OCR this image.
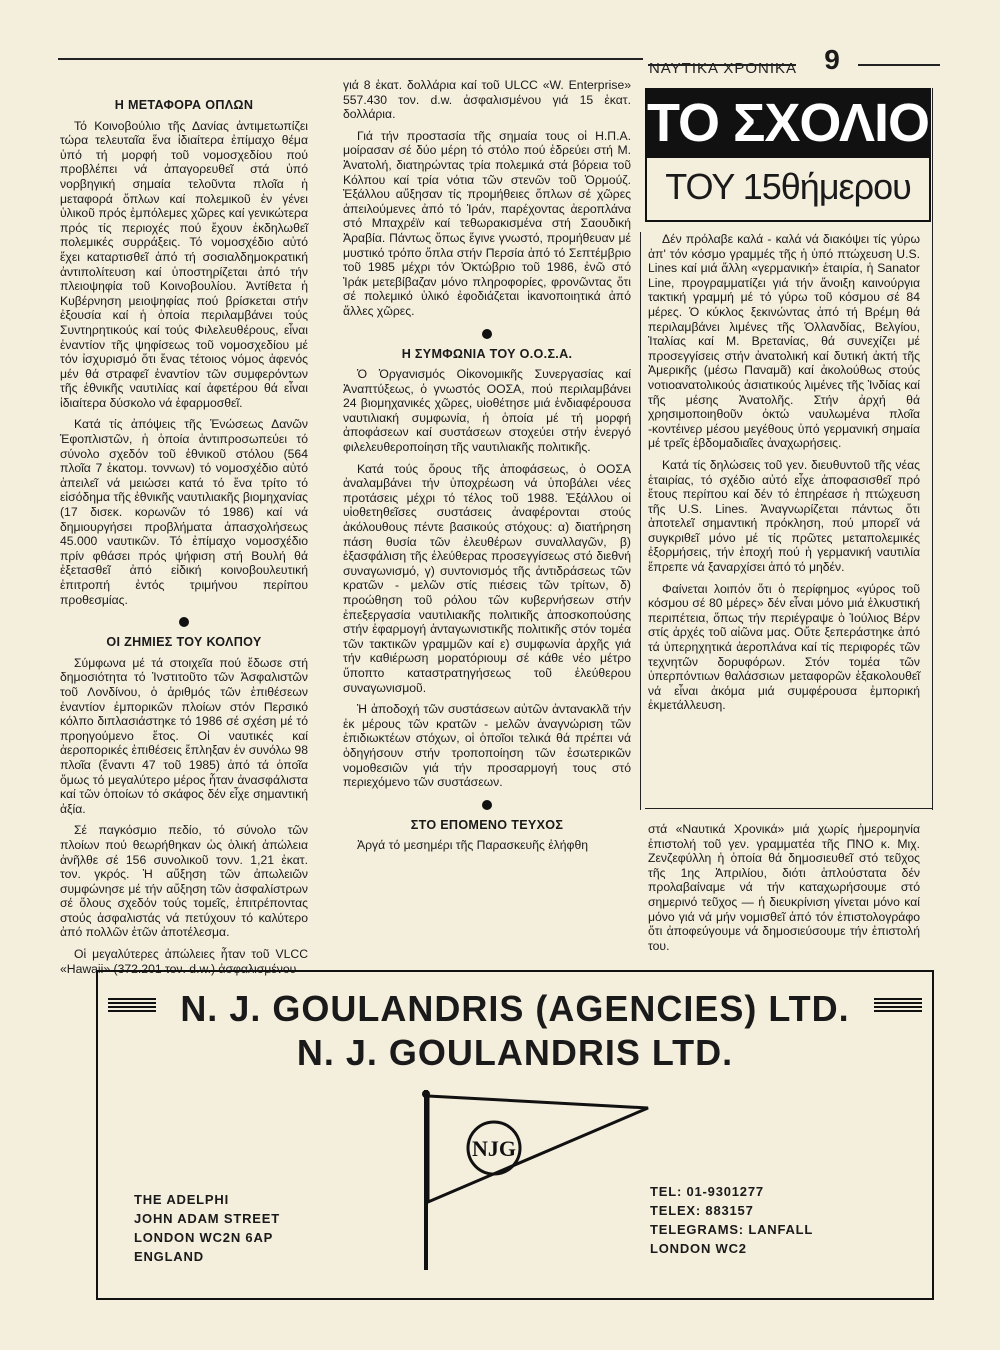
ΝΑΥΤΙΚΑ ΧΡΟΝΙΚΑ 9
Η ΜΕΤΑΦΟΡΑ ΟΠΛΩΝ

Τό Κοινοβούλιο τῆς Δανίας ἀντιμετωπίζει τώρα τελευταῖα ἕνα ἰδιαίτερα ἐπίμαχο θέμα ὑπό τή μορφή τοῦ νομοσχεδίου πού προβλέπει νά ἀπαγορευθεῖ στά ὑπό νορβηγική σημαία τελοῦντα πλοῖα ἡ μεταφορά ὅπλων καί πολεμικοῦ ἐν γένει ὑλικοῦ πρός ἐμπόλεμες χῶρες καί γενικώτερα πρός τίς περιοχές πού ἔχουν ἐκδηλωθεῖ πολεμικές συρράξεις. Τό νομοσχέδιο αὐτό ἔχει καταρτισθεῖ ἀπό τή σοσιαλδημοκρατική ἀντιπολίτευση καί ὑποστηρίζεται ἀπό τήν πλειοψηφία τοῦ Κοινοβουλίου. Ἀντίθετα ἡ Κυβέρνηση μειοψηφίας πού βρίσκεται στήν ἐξουσία καί ἡ ὁποία περιλαμβάνει τούς Συντηρητικούς καί τούς Φιλελευθέρους, εἶναι ἐναντίον τῆς ψηφίσεως τοῦ νομοσχεδίου μέ τόν ἰσχυρισμό ὅτι ἕνας τέτοιος νόμος ἀφενός μέν θά στραφεῖ ἐναντίον τῶν συμφερόντων τῆς ἐθνικῆς ναυτιλίας καί ἀφετέρου θά εἶναι ἰδιαίτερα δύσκολο νά ἐφαρμοσθεῖ.

Κατά τίς ἀπόψεις τῆς Ἑνώσεως Δανῶν Ἐφοπλιστῶν, ἡ ὁποία ἀντιπροσωπεύει τό σύνολο σχεδόν τοῦ ἐθνικοῦ στόλου (564 πλοῖα 7 ἑκατομ. τοννων) τό νομοσχέδιο αὐτό ἀπειλεῖ νά μειώσει κατά τό ἕνα τρίτο τό εἰσόδημα τῆς ἐθνικῆς ναυτιλιακῆς βιομηχανίας (17 δισεκ. κορωνῶν τό 1986) καί νά δημιουργήσει προβλήματα ἀπασχολήσεως 45.000 ναυτικῶν. Τό ἐπίμαχο νομοσχέδιο πρίν φθάσει πρός ψήφιση στή Βουλή θά ἐξετασθεῖ ἀπό εἰδική κοινοβουλευτική ἐπιτροπή ἐντός τριμήνου περίπου προθεσμίας.

ΟΙ ΖΗΜΙΕΣ ΤΟΥ ΚΟΛΠΟΥ

Σύμφωνα μέ τά στοιχεῖα πού ἔδωσε στή δημοσιότητα τό Ἰνστιτοῦτο τῶν Ἀσφαλιστῶν τοῦ Λονδίνου, ὁ ἀριθμός τῶν ἐπιθέσεων ἐναντίον ἐμπορικῶν πλοίων στόν Περσικό κόλπο διπλασιάστηκε τό 1986 σέ σχέση μέ τό προηγούμενο ἔτος. Οἱ ναυτικές καί ἀεροπορικές ἐπιθέσεις ἔπληξαν ἐν συνόλω 98 πλοῖα (ἔναντι 47 τοῦ 1985) ἀπό τά ὁποῖα ὅμως τό μεγαλύτερο μέρος ἦταν ἀνασφάλιστα καί τῶν ὁποίων τό σκάφος δέν εἶχε σημαντική ἀξία.

Σέ παγκόσμιο πεδίο, τό σύνολο τῶν πλοίων πού θεωρήθηκαν ὡς ὁλική ἀπώλεια ἀνῆλθε σέ 156 συνολικοῦ τονν. 1,21 ἑκατ. τον. γκρός. Ἡ αὔξηση τῶν ἀπωλειῶν συμφώνησε μέ τήν αὔξηση τῶν ἀσφαλίστρων σέ ὅλους σχεδόν τούς τομεῖς, ἐπιτρέποντας στούς ἀσφαλιστάς νά πετύχουν τό καλύτερο ἀπό πολλῶν ἐτῶν ἀποτέλεσμα.

Οἱ μεγαλύτερες ἀπώλειες ἦταν τοῦ VLCC «Hawaii» (372.201 τον. d.w.) ἀσφαλισμένου

γιά 8 ἑκατ. δολλάρια καί τοῦ ULCC «W. Enterprise» 557.430 τον. d.w. ἀσφαλισμένου γιά 15 ἑκατ. δολλάρια.

Γιά τήν προστασία τῆς σημαία τους οἱ Η.Π.Α. μοίρασαν σέ δύο μέρη τό στόλο πού ἑδρεύει στή Μ. Ἀνατολή, διατηρώντας τρία πολεμικά στά βόρεια τοῦ Κόλπου καί τρία νότια τῶν στενῶν τοῦ Ὁρμούζ. Ἐξάλλου αὔξησαν τίς προμήθειες ὅπλων σέ χῶρες ἀπειλούμενες ἀπό τό Ἰράν, παρέχοντας ἀεροπλάνα στό Μπαχρέϊν καί τεθωρακισμένα στή Σαουδική Ἀραβία. Πάντως ὅπως ἔγινε γνωστό, προμήθευαν μέ μυστικό τρόπο ὅπλα στήν Περσία ἀπό τό Σεπτέμβριο τοῦ 1985 μέχρι τόν Ὀκτώβριο τοῦ 1986, ἐνῶ στό Ἰράκ μετεβίβαζαν μόνο πληροφορίες, φρονῶντας ὅτι σέ πολεμικό ὑλικό ἐφοδιάζεται ἱκανοποιητικά ἀπό ἄλλες χῶρες.

Η ΣΥΜΦΩΝΙΑ ΤΟΥ Ο.Ο.Σ.Α.

Ὁ Ὀργανισμός Οἰκονομικῆς Συνεργασίας καί Ἀναπτύξεως, ὁ γνωστός ΟΟΣΑ, πού περιλαμβάνει 24 βιομηχανικές χῶρες, υἱοθέτησε μιά ἐνδιαφέρουσα ναυτιλιακή συμφωνία, ἡ ὁποία μέ τή μορφή ἀποφάσεων καί συστάσεων στοχεύει στήν ἐνεργό φιλελευθεροποίηση τῆς ναυτιλιακῆς πολιτικῆς.

Κατά τούς ὅρους τῆς ἀποφάσεως, ὁ ΟΟΣΑ ἀναλαμβάνει τήν ὑποχρέωση νά ὑποβάλει νέες προτάσεις μέχρι τό τέλος τοῦ 1988. Ἐξάλλου οἱ υἱοθετηθεῖσες συστάσεις ἀναφέρονται στούς ἀκόλουθους πέντε βασικούς στόχους: α) διατήρηση πάση θυσία τῶν ἐλευθέρων συναλλαγῶν, β) ἐξασφάλιση τῆς ἐλεύθερας προσεγγίσεως στό διεθνή συναγωνισμό, γ) συντονισμός τῆς ἀντιδράσεως τῶν κρατῶν - μελῶν στίς πιέσεις τῶν τρίτων, δ) προώθηση τοῦ ρόλου τῶν κυβερνήσεων στήν ἐπεξεργασία ναυτιλιακῆς πολιτικῆς ἀποσκοπούσης στήν ἐφαρμογή ἀνταγωνιστικῆς πολιτικῆς στόν τομέα τῶν τακτικῶν γραμμῶν καί ε) συμφωνία ἀρχῆς γιά τήν καθιέρωση μορατόριουμ σέ κάθε νέο μέτρο ὕποπτο καταστρατηγήσεως τοῦ ἐλεύθερου συναγωνισμοῦ.

Ἡ ἀποδοχή τῶν συστάσεων αὐτῶν ἀντανακλᾶ τήν ἐκ μέρους τῶν κρατῶν - μελῶν ἀναγνώριση τῶν ἐπιδιωκτέων στόχων, οἱ ὁποῖοι τελικά θά πρέπει νά ὁδηγήσουν στήν τροποποίηση τῶν ἐσωτερικῶν νομοθεσιῶν γιά τήν προσαρμογή τους στό περιεχόμενο τῶν συστάσεων.

ΣΤΟ ΕΠΟΜΕΝΟ ΤΕΥΧΟΣ

Ἀργά τό μεσημέρι τῆς Παρασκευῆς ἐλήφθη

ΤΟ ΣΧΟΛΙΟ
ΤΟΥ 15θήμερου

Δέν πρόλαβε καλά - καλά νά διακόψει τίς γύρω ἀπ' τόν κόσμο γραμμές τῆς ἡ ὑπό πτώχευση U.S. Lines καί μιά ἄλλη «γερμανική» ἑταιρία, ἡ Sanator Line, προγραμματίζει γιά τήν ἄνοιξη καινούργια τακτική γραμμή μέ τό γύρω τοῦ κόσμου σέ 84 μέρες. Ὁ κύκλος ξεκινώντας ἀπό τή Βρέμη θά περιλαμβάνει λιμένες τῆς Ὁλλανδίας, Βελγίου, Ἰταλίας καί Μ. Βρετανίας, θά συνεχίζει μέ προσεγγίσεις στήν ἀνατολική καί δυτική ἀκτή τῆς Ἀμερικῆς (μέσω Παναμᾶ) καί ἀκολούθως στούς νοτιοανατολικούς ἀσιατικούς λιμένες τῆς Ἰνδίας καί τῆς μέσης Ἀνατολῆς. Στήν ἀρχή θά χρησιμοποιηθοῦν ὀκτώ ναυλωμένα πλοῖα -κοντέινερ μέσου μεγέθους ὑπό γερμανική σημαία μέ τρεῖς ἑβδομαδιαῖες ἀναχωρήσεις.

Κατά τίς δηλώσεις τοῦ γεν. διευθυντοῦ τῆς νέας ἑταιρίας, τό σχέδιο αὐτό εἶχε ἀποφασισθεῖ πρό ἔτους περίπου καί δέν τό ἐπηρέασε ἡ πτώχευση τῆς U.S. Lines. Ἀναγνωρίζεται πάντως ὅτι ἀποτελεῖ σημαντική πρόκληση, πού μπορεῖ νά συγκριθεῖ μόνο μέ τίς πρῶτες μεταπολεμικές ἐξορμήσεις, τήν ἐποχή πού ἡ γερμανική ναυτιλία ἔπρεπε νά ξαναρχίσει ἀπό τό μηδέν.

Φαίνεται λοιπόν ὅτι ὁ περίφημος «γύρος τοῦ κόσμου σέ 80 μέρες» δέν εἶναι μόνο μιά ἑλκυστική περιπέτεια, ὅπως τήν περιέγραψε ὁ Ἰούλιος Βέρν στίς ἀρχές τοῦ αἰῶνα μας. Οὔτε ξεπεράστηκε ἀπό τά ὑπερηχητικά ἀεροπλάνα καί τίς περιφορές τῶν τεχνητῶν δορυφόρων. Στόν τομέα τῶν ὑπερπόντιων θαλάσσιων μεταφορῶν ἐξακολουθεῖ νά εἶναι ἀκόμα μιά συμφέρουσα ἐμπορική ἐκμετάλλευση.

στά «Ναυτικά Χρονικά» μιά χωρίς ἡμερομηνία ἐπιστολή τοῦ γεν. γραμματέα τῆς ΠΝΟ κ. Μιχ. Ζενζεφύλλη ἡ ὁποία θά δημοσιευθεῖ στό τεῦχος τῆς 1ης Ἀπριλίου, διότι ἁπλούστατα δέν προλαβαίναμε νά τήν καταχωρήσουμε στό σημερινό τεῦχος — ἡ διευκρίνιση γίνεται μόνο καί μόνο γιά νά μήν νομισθεῖ ἀπό τόν ἐπιστολογράφο ὅτι ἀποφεύγουμε νά δημοσιεύσουμε τήν ἐπιστολή του.

N. J. GOULANDRIS (AGENCIES) LTD.
N. J. GOULANDRIS LTD.
NJG
THE ADELPHI
JOHN ADAM STREET
LONDON WC2N 6AP
ENGLAND
TEL: 01-9301277
TELEX: 883157
TELEGRAMS: LANFALL
LONDON WC2
